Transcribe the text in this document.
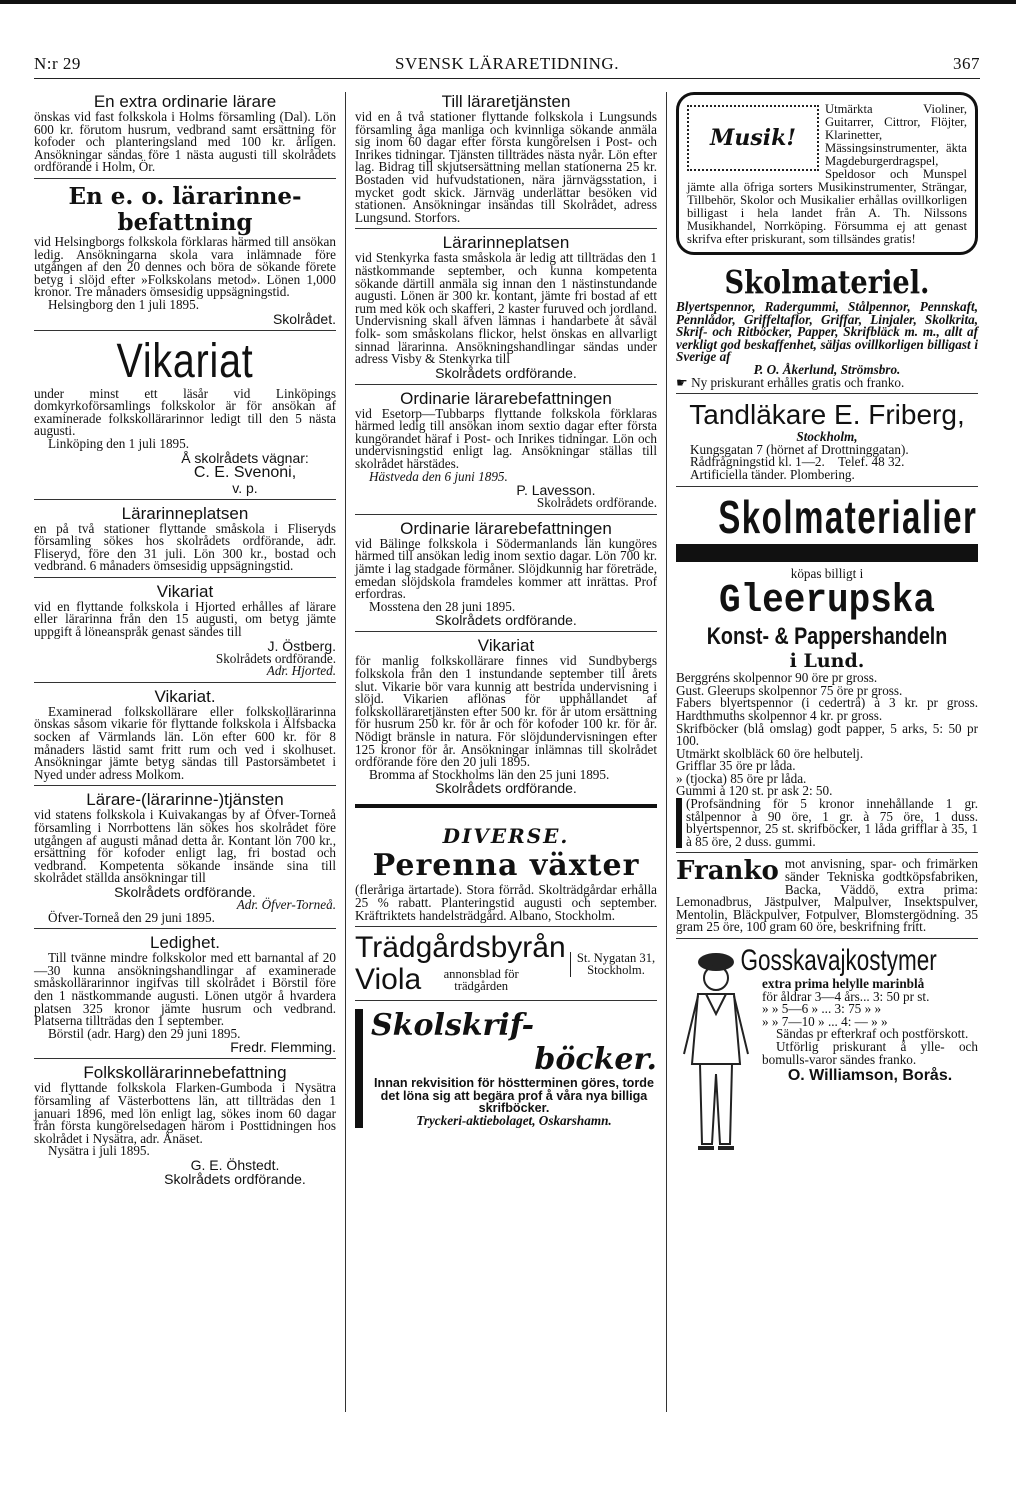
N:r 29	SVENSK LÄRARETIDNING.	367
En extra ordinarie lärare

önskas vid fast folkskola i Holms församling (Dal). Lön 600 kr. förutom husrum, vedbrand samt ersättning för kofoder och planteringsland med 100 kr. årligen. Ansökningar sändas före 1 nästa augusti till skolrådets ordförande i Holm, Ör.

En e. o. lärarinne-befattning

vid Helsingborgs folkskola förklaras härmed till ansökan ledig. Ansökningarna skola vara inlämnade före utgången af den 20 dennes och böra de sökande förete betyg i slöjd efter »Folkskolans metod». Lönen 1,000 kronor. Tre månaders ömsesidig uppsägningstid.

Helsingborg den 1 juli 1895.

Skolrådet.
Vikariat

under minst ett läsår vid Linköpings domkyrkoförsamlings folkskolor är för ansökan af examinerade folkskollärarinnor ledigt till den 5 nästa augusti.

Linköping den 1 juli 1895.

Å skolrådets vägnar:
C. E. Svenoni,
v. p.
Lärarinneplatsen

en på två stationer flyttande småskola i Fliseryds församling sökes hos skolrådets ordförande, adr. Fliseryd, före den 31 juli. Lön 300 kr., bostad och vedbrand. 6 månaders ömsesidig uppsägningstid.

Vikariat

vid en flyttande folkskola i Hjorted erhålles af lärare eller lärarinna från den 15 augusti, om betyg jämte uppgift å löneanspråk genast sändes till

J. Östberg.
Skolrådets ordförande.
Adr. Hjorted.
Vikariat.

Examinerad folkskollärare eller folkskollärarinna önskas såsom vikarie för flyttande folkskola i Älfsbacka socken af Värmlands län. Lön efter 600 kr. för 8 månaders lästid samt fritt rum och ved i skolhuset. Ansökningar jämte betyg sändas till Pastorsämbetet i Nyed under adress Molkom.

Lärare-(lärarinne-)tjänsten

vid statens folkskola i Kuivakangas by af Öfver-Torneå församling i Norrbottens län sökes hos skolrådet före utgången af augusti månad detta år. Kontant lön 700 kr., ersättning för kofoder enligt lag, fri bostad och vedbrand. Kompetenta sökande insände sina till skolrådet ställda ansökningar till

Skolrådets ordförande.
Adr. Öfver-Torneå.

Öfver-Torneå den 29 juni 1895.

Ledighet.

Till tvänne mindre folkskolor med ett barnantal af 20—30 kunna ansökningshandlingar af examinerade småskollärarinnor ingifvas till skolrådet i Börstil före den 1 nästkommande augusti. Lönen utgör å hvardera platsen 325 kronor jämte husrum och vedbrand. Platserna tillträdas den 1 september.

Börstil (adr. Harg) den 29 juni 1895.

Fredr. Flemming.
Folkskollärarinnebefattning

vid flyttande folkskola Flarken-Gumboda i Nysätra församling af Västerbottens län, att tillträdas den 1 januari 1896, med lön enligt lag, sökes inom 60 dagar från första kungörelsedagen härom i Posttidningen hos skolrådet i Nysätra, adr. Ånäset.

Nysätra i juli 1895.

G. E. Öhstedt.
Skolrådets ordförande.
Till läraretjänsten

vid en å två stationer flyttande folkskola i Lungsunds församling åga manliga och kvinnliga sökande anmäla sig inom 60 dagar efter första kungörelsen i Post- och Inrikes tidningar. Tjänsten tillträdes nästa nyår. Lön efter lag. Bidrag till skjutsersättning mellan stationerna 25 kr. Bostaden vid hufvudstationen, nära järnvägsstation, i mycket godt skick. Järnväg underlättar besöken vid stationen. Ansökningar insändas till Skolrådet, adress Lungsund. Storfors.

Lärarinneplatsen

vid Stenkyrka fasta småskola är ledig att tillträdas den 1 nästkommande september, och kunna kompetenta sökande därtill anmäla sig innan den 1 nästinstundande augusti. Lönen är 300 kr. kontant, jämte fri bostad af ett rum med kök och skafferi, 2 kaster furuved och jordland. Undervisning skall äfven lämnas i handarbete åt såväl folk- som småskolans flickor, helst önskas en allvarligt sinnad lärarinna. Ansökningshandlingar sändas under adress Visby & Stenkyrka till

Skolrådets ordförande.
Ordinarie lärarebefattningen

vid Esetorp—Tubbarps flyttande folkskola förklaras härmed ledig till ansökan inom sextio dagar efter första kungörandet häraf i Post- och Inrikes tidningar. Lön och undervisningstid enligt lag. Ansökningar ställas till skolrådet härstädes.

Hästveda den 6 juni 1895.

P. Lavesson.
Skolrådets ordförande.
Ordinarie lärarebefattningen

vid Bälinge folkskola i Södermanlands län kungöres härmed till ansökan ledig inom sextio dagar. Lön 700 kr. jämte i lag stadgade förmåner. Slöjdkunnig har företräde, emedan slöjdskola framdeles kommer att inrättas. Prof erfordras.

Mosstena den 28 juni 1895.

Skolrådets ordförande.
Vikariat

för manlig folkskollärare finnes vid Sundbybergs folkskola från den 1 instundande september till årets slut. Vikarie bör vara kunnig att bestrida undervisning i slöjd. Vikarien aflönas för upphållandet af folkskolläraretjänsten efter 500 kr. för år utom ersättning för husrum 250 kr. för år och för kofoder 100 kr. för år. Nödigt bränsle in natura. För slöjdundervisningen efter 125 kronor för år. Ansökningar inlämnas till skolrådet ordförande före den 20 juli 1895.

Bromma af Stockholms län den 25 juni 1895.

Skolrådets ordförande.
DIVERSE.
Perenna växter

(fleråriga ärtartade). Stora förråd. Skolträdgårdar erhålla 25 % rabatt. Planteringstid augusti och september. Kräftriktets handelsträdgård. Albano, Stockholm.

Trädgårdsbyrån
Viola	annonsblad för trädgården
St. Nygatan 31, Stockholm.
Skolskrif-
böcker.

Innan rekvisition för höstterminen göres, torde det löna sig att begära prof å våra nya billiga skrifböcker.

Tryckeri-aktiebolaget, Oskarshamn.
Musik!

Utmärkta Violiner, Guitarrer, Cittror, Flöjter, Klarinetter, Mässingsinstrumenter, äkta Magdeburgerdragspel, Speldosor och Munspel jämte alla öfriga sorters Musikinstrumenter, Strängar, Tillbehör, Skolor och Musikalier erhållas ovillkorligen billigast i hela landet från A. Th. Nilssons Musikhandel, Norrköping. Försumma ej att genast skrifva efter priskurant, som tillsändes gratis!

Skolmateriel.

Blyertspennor, Radergummi, Stålpennor, Pennskaft, Pennlådor, Griffeltaflor, Griffar, Linjaler, Skolkrita, Skrif- och Ritböcker, Papper, Skrifbläck m. m., allt af verkligt god beskaffenhet, säljas ovillkorligen billigast i Sverige af

P. O. Åkerlund, Strömsbro.

☛ Ny priskurant erhålles gratis och franko.

Tandläkare E. Friberg,
Stockholm,

Kungsgatan 7 (hörnet af Drottninggatan).

Rådfrågningstid kl. 1—2. Telef. 48 32.

Artificiella tänder. Plombering.

Skolmaterialier
köpas billigt i
Gleerupska
Konst- & Pappershandeln
i Lund.

Berggréns skolpennor 90 öre pr gross.

Gust. Gleerups skolpennor 75 öre pr gross.

Fabers blyertspennor (i cederträ) à 3 kr. pr gross. Hardthmuths skolpennor 4 kr. pr gross.

Skrifböcker (blå omslag) godt papper, 5 arks, 5: 50 pr 100.

Utmärkt skolbläck 60 öre helbutelj.

Grifflar 35 öre pr låda.

» (tjocka) 85 öre pr låda.

Gummi à 120 st. pr ask 2: 50.

(Profsändning för 5 kronor innehållande 1 gr. stålpennor à 90 öre, 1 gr. à 75 öre, 1 duss. blyertspennor, 25 st. skrifböcker, 1 låda grifflar à 35, 1 à 85 öre, 2 duss. gummi.

Franko mot anvisning, spar- och frimärken sänder Tekniska godtköpsfabriken, Backa, Väddö, extra prima: Lemonadbrus, Jästpulver, Malpulver, Insektspulver, Mentolin, Bläckpulver, Fotpulver, Blomstergödning. 35 gram 25 öre, 100 gram 60 öre, beskrifning fritt.

Gosskavajkostymer
extra prima helylle marinblå

för åldrar 3—4 års... 3: 50 pr st.

» » 5—6 » ... 3: 75 » »

» » 7—10 » ... 4: — » »

Sändas pr efterkraf och postförskott.

Utförlig priskurant å ylle- och bomulls-varor sändes franko.

O. Williamson, Borås.
